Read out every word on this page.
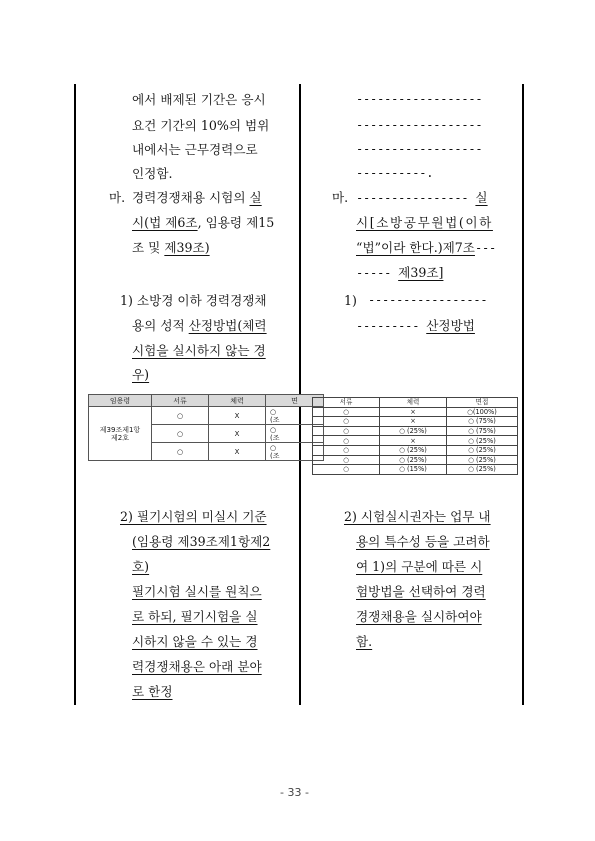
에서 배제된 기간은 응시
요건 기간의 10%의 범위
내에서는 근무경력으로
인정함.
마. 경력경쟁채용 시험의 실
시(법 제6조, 임용령 제15
조 및 제39조)
1) 소방경 이하 경력경쟁채
용의 성적 산정방법(체력
시험을 실시하지 않는 경
우)
임용령	서류	체력	면
제39조제1항
제2호	○	X	○
(조
	○	X	○
(조
	○	X	○
(조
2) 필기시험의 미실시 기준
(임용령 제39조제1항제2
호)
필기시험 실시를 원칙으
로 하되, 필기시험을 실
시하지 않을 수 있는 경
력경쟁채용은 아래 분야
로 한정
------------------
------------------
------------------
----------.
마. ---------------- 실
시[소방공무원법(이하
“법”이라 한다.)제7조---
----- 제39조]
1) -----------------
--------- 산정방법
서류	체력	면접
○	×	○(100%)
○	×	○ (75%)
○	○ (25%)	○ (75%)
○	×	○ (25%)
○	○ (25%)	○ (25%)
○	○ (25%)	○ (25%)
○	○ (15%)	○ (25%)
2) 시험실시권자는 업무 내
용의 특수성 등을 고려하
여 1)의 구분에 따른 시
험방법을 선택하여 경력
경쟁채용을 실시하여야
함.
- 33 -
